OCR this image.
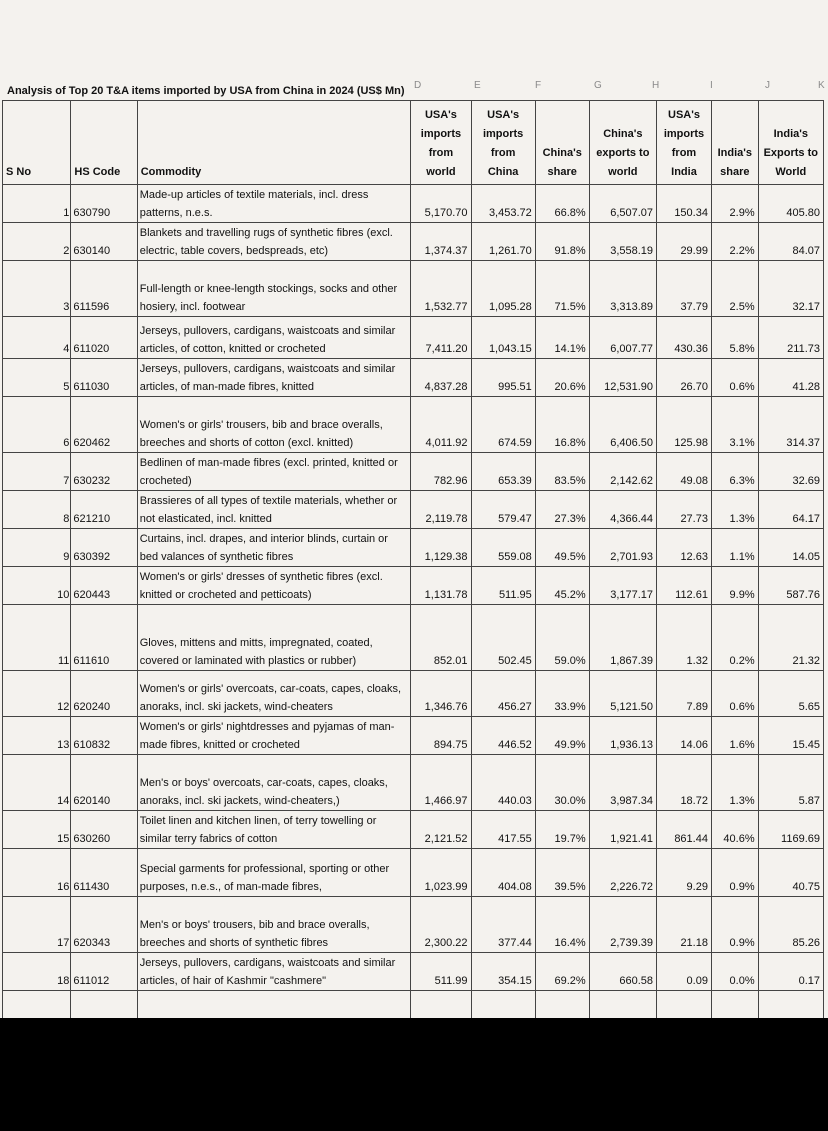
D	E	F	G	H	I	J	K
Analysis of Top 20 T&A items imported by USA from China in 2024 (US$ Mn)
S No	HS Code	Commodity	USA's imports from world	USA's imports from China	China's share	China's exports to world	USA's imports from India	India's share	India's Exports to World
1	630790	Made-up articles of textile materials, incl. dress patterns, n.e.s.	5,170.70	3,453.72	66.8%	6,507.07	150.34	2.9%	405.80
2	630140	Blankets and travelling rugs of synthetic fibres (excl. electric, table covers, bedspreads, etc)	1,374.37	1,261.70	91.8%	3,558.19	29.99	2.2%	84.07
3	611596	Full-length or knee-length stockings, socks and other hosiery, incl. footwear	1,532.77	1,095.28	71.5%	3,313.89	37.79	2.5%	32.17
4	611020	Jerseys, pullovers, cardigans, waistcoats and similar articles, of cotton, knitted or crocheted	7,411.20	1,043.15	14.1%	6,007.77	430.36	5.8%	211.73
5	611030	Jerseys, pullovers, cardigans, waistcoats and similar articles, of man-made fibres, knitted	4,837.28	995.51	20.6%	12,531.90	26.70	0.6%	41.28
6	620462	Women's or girls' trousers, bib and brace overalls, breeches and shorts of cotton (excl. knitted)	4,011.92	674.59	16.8%	6,406.50	125.98	3.1%	314.37
7	630232	Bedlinen of man-made fibres (excl. printed, knitted or crocheted)	782.96	653.39	83.5%	2,142.62	49.08	6.3%	32.69
8	621210	Brassieres of all types of textile materials, whether or not elasticated, incl. knitted	2,119.78	579.47	27.3%	4,366.44	27.73	1.3%	64.17
9	630392	Curtains, incl. drapes, and interior blinds, curtain or bed valances of synthetic fibres	1,129.38	559.08	49.5%	2,701.93	12.63	1.1%	14.05
10	620443	Women's or girls' dresses of synthetic fibres (excl. knitted or crocheted and petticoats)	1,131.78	511.95	45.2%	3,177.17	112.61	9.9%	587.76
11	611610	Gloves, mittens and mitts, impregnated, coated, covered or laminated with plastics or rubber)	852.01	502.45	59.0%	1,867.39	1.32	0.2%	21.32
12	620240	Women's or girls' overcoats, car-coats, capes, cloaks, anoraks, incl. ski jackets, wind-cheaters	1,346.76	456.27	33.9%	5,121.50	7.89	0.6%	5.65
13	610832	Women's or girls' nightdresses and pyjamas of man-made fibres, knitted or crocheted	894.75	446.52	49.9%	1,936.13	14.06	1.6%	15.45
14	620140	Men's or boys' overcoats, car-coats, capes, cloaks, anoraks, incl. ski jackets, wind-cheaters,)	1,466.97	440.03	30.0%	3,987.34	18.72	1.3%	5.87
15	630260	Toilet linen and kitchen linen, of terry towelling or similar terry fabrics of cotton	2,121.52	417.55	19.7%	1,921.41	861.44	40.6%	1169.69
16	611430	Special garments for professional, sporting or other purposes, n.e.s., of man-made fibres,	1,023.99	404.08	39.5%	2,226.72	9.29	0.9%	40.75
17	620343	Men's or boys' trousers, bib and brace overalls, breeches and shorts of synthetic fibres	2,300.22	377.44	16.4%	2,739.39	21.18	0.9%	85.26
18	611012	Jerseys, pullovers, cardigans, waistcoats and similar articles, of hair of Kashmir "cashmere"	511.99	354.15	69.2%	660.58	0.09	0.0%	0.17
